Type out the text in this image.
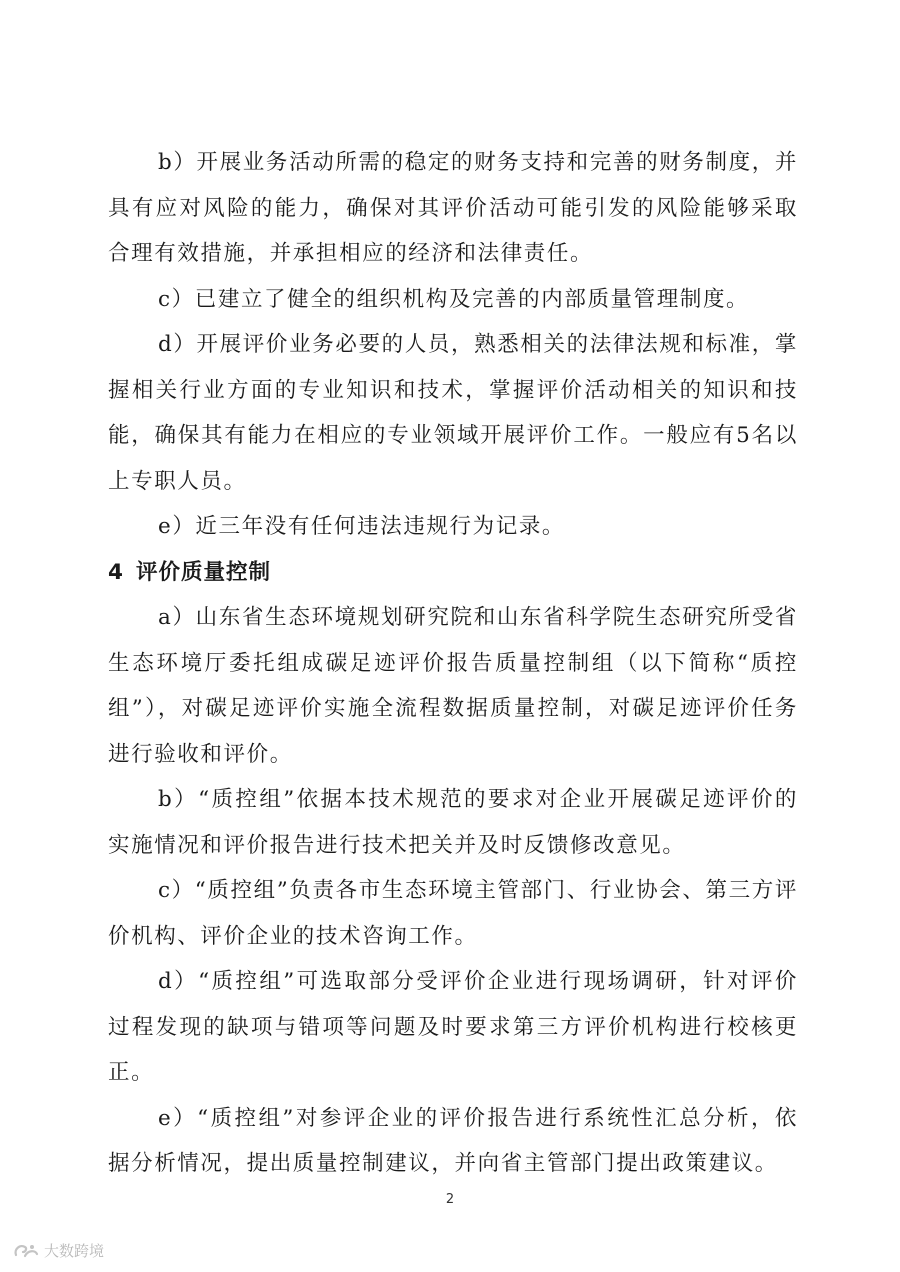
b）开展业务活动所需的稳定的财务支持和完善的财务制度，并具有应对风险的能力，确保对其评价活动可能引发的风险能够采取合理有效措施，并承担相应的经济和法律责任。

c）已建立了健全的组织机构及完善的内部质量管理制度。

d）开展评价业务必要的人员，熟悉相关的法律法规和标准，掌握相关行业方面的专业知识和技术，掌握评价活动相关的知识和技能，确保其有能力在相应的专业领域开展评价工作。一般应有5名以上专职人员。

e）近三年没有任何违法违规行为记录。

4 评价质量控制

a）山东省生态环境规划研究院和山东省科学院生态研究所受省生态环境厅委托组成碳足迹评价报告质量控制组（以下简称“质控组”），对碳足迹评价实施全流程数据质量控制，对碳足迹评价任务进行验收和评价。

b）“质控组”依据本技术规范的要求对企业开展碳足迹评价的实施情况和评价报告进行技术把关并及时反馈修改意见。

c）“质控组”负责各市生态环境主管部门、行业协会、第三方评价机构、评价企业的技术咨询工作。

d）“质控组”可选取部分受评价企业进行现场调研，针对评价过程发现的缺项与错项等问题及时要求第三方评价机构进行校核更正。

e）“质控组”对参评企业的评价报告进行系统性汇总分析，依据分析情况，提出质量控制建议，并向省主管部门提出政策建议。

2
大数跨境
